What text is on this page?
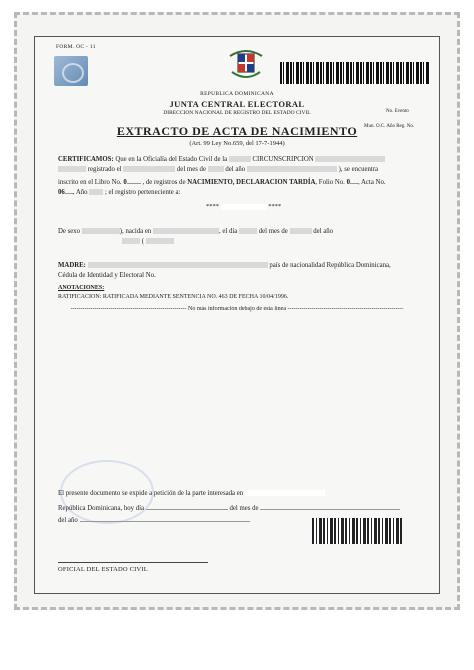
FORM. OC - 11
REPUBLICA DOMINICANA
JUNTA CENTRAL ELECTORAL
DIRECCION NACIONAL DE REGISTRO DEL ESTADO CIVIL	No. Evento
Mun. O.C. Año Reg. No.
EXTRACTO DE ACTA DE NACIMIENTO
(Art. 99 Ley No.659, del 17-7-1944)
CERTIFICAMOS: Que en la Oficialía del Estado Civil de la	CIRCUNSCRIPCION
registrado el	del mes de	del año	), se encuentra
inscrito en el Libro No. 0 , de registros de NACIMIENTO, DECLARACION TARDÍA, Folio No. 0 , Acta No.
06 , Año	; el registro perteneciente a:
****	****
De sexo	), nacida en	, el día	del mes de	del año
(
MADRE:	país de nacionalidad República Dominicana,
Cédula de Identidad y Electoral No.
ANOTACIONES:
RATIFICACION: RATIFICADA MEDIANTE SENTENCIA NO. 463 DE FECHA 10/04/1996.
---------------------------------------------------------- No más información debajo de esta línea ----------------------------------------------------------
El presente documento se expide a petición de la parte interesada en
República Dominicana, hoy día	del mes de
del año
OFICIAL DEL ESTADO CIVIL
